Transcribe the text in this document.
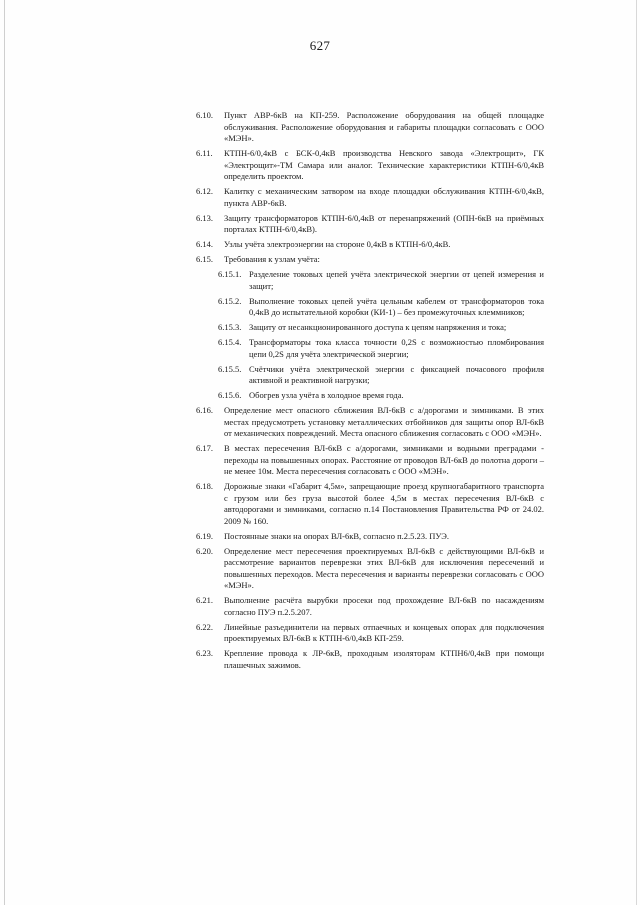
627
6.10.	Пункт АВР-6кВ на КП-259. Расположение оборудования на общей площадке обслуживания. Расположение оборудования и габариты площадки согласовать с ООО «МЭН».
6.11.	КТПН-6/0,4кВ с БСК-0,4кВ производства Невского завода «Электрощит», ГК «Электрощит»-ТМ Самара или аналог. Технические характеристики КТПН-6/0,4кВ определить проектом.
6.12.	Калитку с механическим затвором на входе площадки обслуживания КТПН-6/0,4кВ, пункта АВР-6кВ.
6.13.	Защиту трансформаторов КТПН-6/0,4кВ от перенапряжений (ОПН-6кВ на приёмных порталах КТПН-6/0,4кВ).
6.14.	Узлы учёта электроэнергии на стороне 0,4кВ в КТПН-6/0,4кВ.
6.15.	Требования к узлам учёта:
6.15.1. Разделение токовых цепей учёта электрической энергии от цепей измерения и защит;
6.15.2. Выполнение токовых цепей учёта цельным кабелем от трансформаторов тока 0,4кВ до испытательной коробки (КИ-1) – без промежуточных клеммников;
6.15.3. Защиту от несанкционированного доступа к цепям напряжения и тока;
6.15.4. Трансформаторы тока класса точности 0,2S с возможностью пломбирования цепи 0,2S для учёта электрической энергии;
6.15.5. Счётчики учёта электрической энергии с фиксацией почасового профиля активной и реактивной нагрузки;
6.15.6. Обогрев узла учёта в холодное время года.
6.16.	Определение мест опасного сближения ВЛ-6кВ с а/дорогами и зимниками. В этих местах предусмотреть установку металлических отбойников для защиты опор ВЛ-6кВ от механических повреждений. Места опасного сближения согласовать с ООО «МЭН».
6.17.	В местах пересечения ВЛ-6кВ с а/дорогами, зимниками и водными преградами - переходы на повышенных опорах. Расстояние от проводов ВЛ-6кВ до полотна дороги – не менее 10м. Места пересечения согласовать с ООО «МЭН».
6.18.	Дорожные знаки «Габарит 4,5м», запрещающие проезд крупногабаритного транспорта с грузом или без груза высотой более 4,5м в местах пересечения ВЛ-6кВ с автодорогами и зимниками, согласно п.14 Постановления Правительства РФ от 24.02. 2009 № 160.
6.19.	Постоянные знаки на опорах ВЛ-6кВ, согласно п.2.5.23. ПУЭ.
6.20.	Определение мест пересечения проектируемых ВЛ-6кВ с действующими ВЛ-6кВ и рассмотрение вариантов переврезки этих ВЛ-6кВ для исключения пересечений и повышенных переходов. Места пересечения и варианты переврезки согласовать с ООО «МЭН».
6.21.	Выполнение расчёта вырубки просеки под прохождение ВЛ-6кВ по насаждениям согласно ПУЭ п.2.5.207.
6.22.	Линейные разъединители на первых отпаечных и концевых опорах для подключения проектируемых ВЛ-6кВ к КТПН-6/0,4кВ КП-259.
6.23.	Крепление провода к ЛР-6кВ, проходным изоляторам КТПН6/0,4кВ при помощи плашечных зажимов.
